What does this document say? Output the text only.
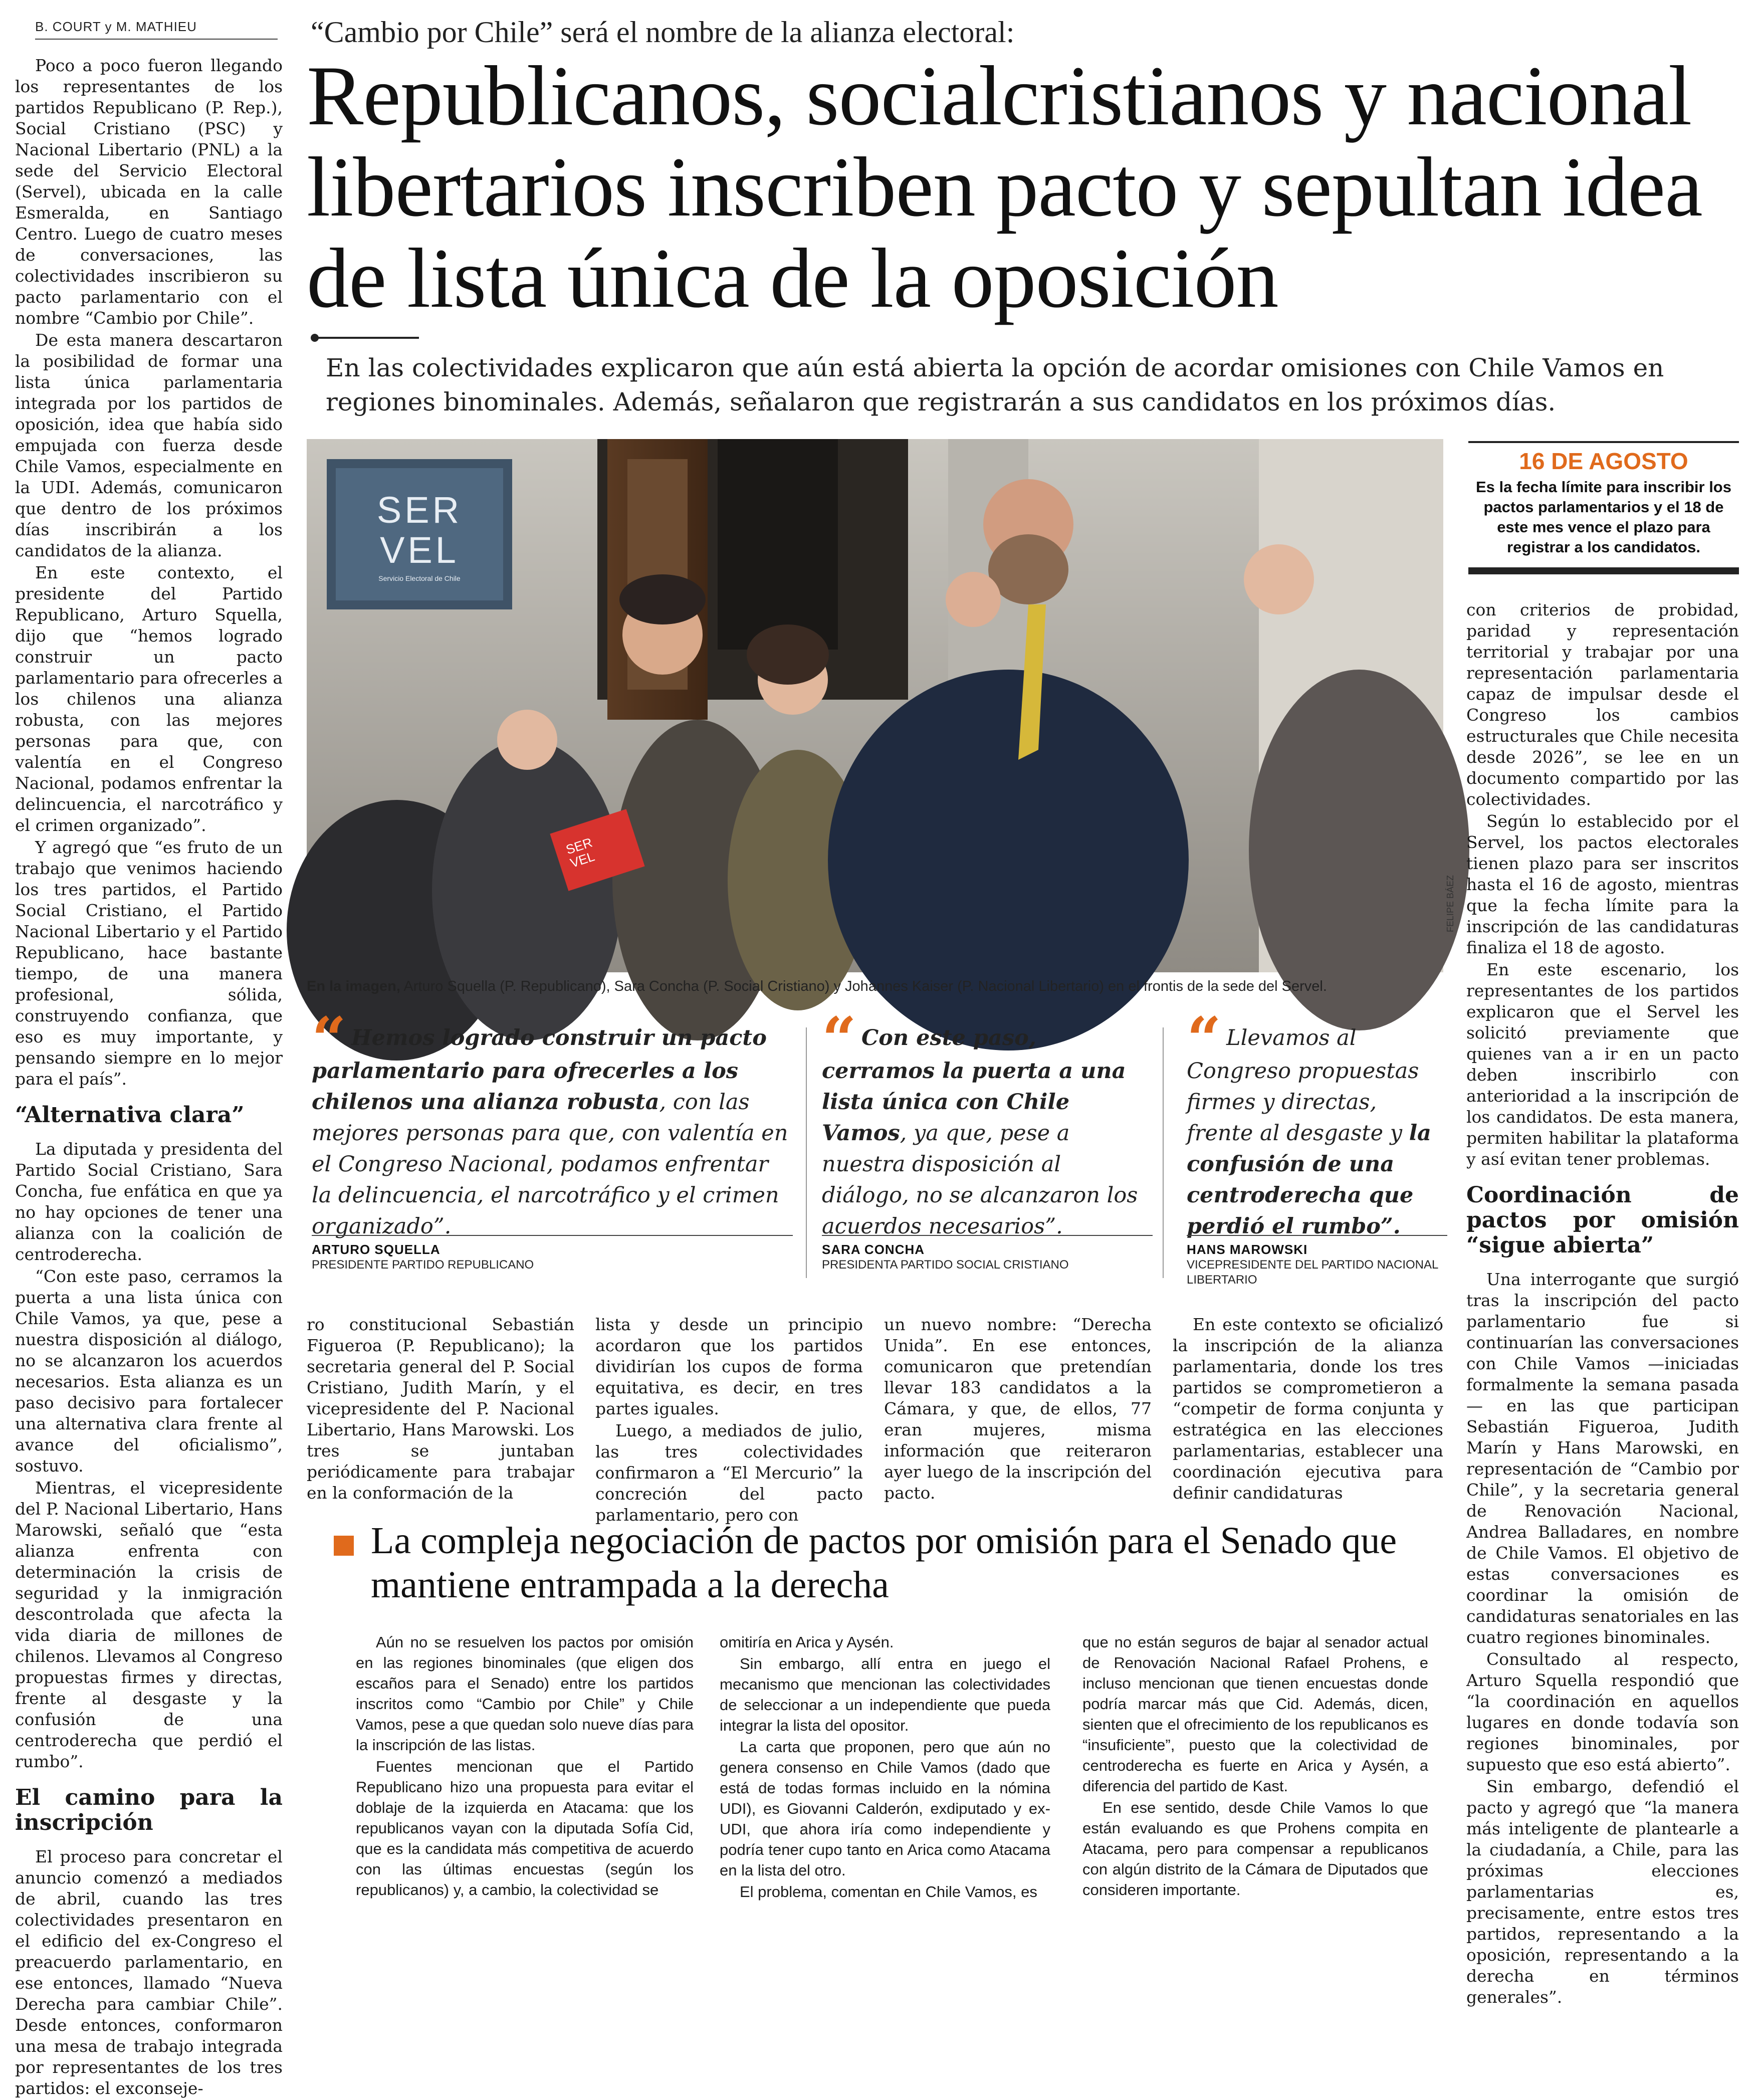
B. COURT y M. MATHIEU	“Cambio por Chile” será el nombre de la alianza electoral:
Republicanos, socialcristianos y nacional libertarios inscriben pacto y sepultan idea de lista única de la oposición
En las colectividades explicaron que aún está abierta la opción de acordar omisiones con Chile Vamos en regiones binominales. Además, señalaron que registrarán a sus candidatos en los próximos días.

Poco a poco fueron llegando los representantes de los partidos Republicano (P. Rep.), Social Cristiano (PSC) y Nacional Libertario (PNL) a la sede del Servicio Electoral (Servel), ubicada en la calle Esmeralda, en Santiago Centro. Luego de cuatro meses de conversaciones, las colectividades inscribieron su pacto parlamentario con el nombre “Cambio por Chile”.

De esta manera descartaron la posibilidad de formar una lista única parlamentaria integrada por los partidos de oposición, idea que había sido empujada con fuerza desde Chile Vamos, especialmente en la UDI. Además, comunicaron que dentro de los próximos días inscribirán a los candidatos de la alianza.

En este contexto, el presidente del Partido Republicano, Arturo Squella, dijo que “hemos logrado construir un pacto parlamentario para ofrecerles a los chilenos una alianza robusta, con las mejores personas para que, con valentía en el Congreso Nacional, podamos enfrentar la delincuencia, el narcotráfico y el crimen organizado”.

Y agregó que “es fruto de un trabajo que venimos haciendo los tres partidos, el Partido Social Cristiano, el Partido Nacional Libertario y el Partido Republicano, hace bastante tiempo, de una manera profesional, sólida, construyendo confianza, que eso es muy importante, y pensando siempre en lo mejor para el país”.

“Alternativa clara”

La diputada y presidenta del Partido Social Cristiano, Sara Concha, fue enfática en que ya no hay opciones de tener una alianza con la coalición de centroderecha.

“Con este paso, cerramos la puerta a una lista única con Chile Vamos, ya que, pese a nuestra disposición al diálogo, no se alcanzaron los acuerdos necesarios. Esta alianza es un paso decisivo para fortalecer una alternativa clara frente al avance del oficialismo”, sostuvo.

Mientras, el vicepresidente del P. Nacional Libertario, Hans Marowski, señaló que “esta alianza enfrenta con determinación la crisis de seguridad y la inmigración descontrolada que afecta la vida diaria de millones de chilenos. Llevamos al Congreso propuestas firmes y directas, frente al desgaste y la confusión de una centroderecha que perdió el rumbo”.

El camino para la inscripción

El proceso para concretar el anuncio comenzó a mediados de abril, cuando las tres colectividades presentaron en el edificio del ex-Congreso el preacuerdo parlamentario, en ese entonces, llamado “Nueva Derecha para cambiar Chile”. Desde entonces, conformaron una mesa de trabajo integrada por representantes de los tres partidos: el exconseje-

SER
VEL
Servicio Electoral de Chile
SER VEL
FELIPE BÁEZ
En la imagen, Arturo Squella (P. Republicano), Sara Concha (P. Social Cristiano) y Johannes Kaiser (P. Nacional Libertario) en el frontis de la sede del Servel.
16 DE AGOSTO
Es la fecha límite para inscribir los pactos parlamentarios y el 18 de este mes vence el plazo para registrar a los candidatos.

con criterios de probidad, paridad y representación territorial y trabajar por una representación parlamentaria capaz de impulsar desde el Congreso los cambios estructurales que Chile necesita desde 2026”, se lee en un documento compartido por las colectividades.

Según lo establecido por el Servel, los pactos electorales tienen plazo para ser inscritos hasta el 16 de agosto, mientras que la fecha límite para la inscripción de las candidaturas finaliza el 18 de agosto.

En este escenario, los representantes de los partidos explicaron que el Servel les solicitó previamente que quienes van a ir en un pacto deben inscribirlo con anterioridad a la inscripción de los candidatos. De esta manera, permiten habilitar la plataforma y así evitan tener problemas.

Coordinación de pactos por omisión “sigue abierta”

Una interrogante que surgió tras la inscripción del pacto parlamentario fue si continuarían las conversaciones con Chile Vamos —iniciadas formalmente la semana pasada— en las que participan Sebastián Figueroa, Judith Marín y Hans Marowski, en representación de “Cambio por Chile”, y la secretaria general de Renovación Nacional, Andrea Balladares, en nombre de Chile Vamos. El objetivo de estas conversaciones es coordinar la omisión de candidaturas senatoriales en las cuatro regiones binominales.

Consultado al respecto, Arturo Squella respondió que “la coordinación en aquellos lugares en donde todavía son regiones binominales, por supuesto que eso está abierto”.

Sin embargo, defendió el pacto y agregó que “la manera más inteligente de plantearle a la ciudadanía, a Chile, para las próximas elecciones parlamentarias es, precisamente, entre estos tres partidos, representando a la oposición, representando a la derecha en términos generales”.

“ Hemos logrado construir un pacto parlamentario para ofrecerles a los chilenos una alianza robusta, con las mejores personas para que, con valentía en el Congreso Nacional, podamos enfrentar la delincuencia, el narcotráfico y el crimen organizado”.
ARTURO SQUELLA
PRESIDENTE PARTIDO REPUBLICANO
“ Con este paso, cerramos la puerta a una lista única con Chile Vamos, ya que, pese a nuestra disposición al diálogo, no se alcanzaron los acuerdos necesarios”.
SARA CONCHA
PRESIDENTA PARTIDO SOCIAL CRISTIANO
“ Llevamos al Congreso propuestas firmes y directas, frente al desgaste y la confusión de una centroderecha que perdió el rumbo”.
HANS MAROWSKI
VICEPRESIDENTE DEL PARTIDO NACIONAL LIBERTARIO

ro constitucional Sebastián Figueroa (P. Republicano); la secretaria general del P. Social Cristiano, Judith Marín, y el vicepresidente del P. Nacional Libertario, Hans Marowski. Los tres se juntaban periódicamente para trabajar en la conformación de la

lista y desde un principio acordaron que los partidos dividirían los cupos de forma equitativa, es decir, en tres partes iguales.

Luego, a mediados de julio, las tres colectividades confirmaron a “El Mercurio” la concreción del pacto parlamentario, pero con

un nuevo nombre: “Derecha Unida”. En ese entonces, comunicaron que pretendían llevar 183 candidatos a la Cámara, y que, de ellos, 77 eran mujeres, misma información que reiteraron ayer luego de la inscripción del pacto.

En este contexto se oficializó la inscripción de la alianza parlamentaria, donde los tres partidos se comprometieron a “competir de forma conjunta y estratégica en las elecciones parlamentarias, establecer una coordinación ejecutiva para definir candidaturas

La compleja negociación de pactos por omisión para el Senado que mantiene entrampada a la derecha

Aún no se resuelven los pactos por omisión en las regiones binominales (que eligen dos escaños para el Senado) entre los partidos inscritos como “Cambio por Chile” y Chile Vamos, pese a que quedan solo nueve días para la inscripción de las listas.

Fuentes mencionan que el Partido Republicano hizo una propuesta para evitar el doblaje de la izquierda en Atacama: que los republicanos vayan con la diputada Sofía Cid, que es la candidata más competitiva de acuerdo con las últimas encuestas (según los republicanos) y, a cambio, la colectividad se

omitiría en Arica y Aysén.

Sin embargo, allí entra en juego el mecanismo que mencionan las colectividades de seleccionar a un independiente que pueda integrar la lista del opositor.

La carta que proponen, pero que aún no genera consenso en Chile Vamos (dado que está de todas formas incluido en la nómina UDI), es Giovanni Calderón, exdiputado y ex-UDI, que ahora iría como independiente y podría tener cupo tanto en Arica como Atacama en la lista del otro.

El problema, comentan en Chile Vamos, es

que no están seguros de bajar al senador actual de Renovación Nacional Rafael Prohens, e incluso mencionan que tienen encuestas donde podría marcar más que Cid. Además, dicen, sienten que el ofrecimiento de los republicanos es “insuficiente”, puesto que la colectividad de centroderecha es fuerte en Arica y Aysén, a diferencia del partido de Kast.

En ese sentido, desde Chile Vamos lo que están evaluando es que Prohens compita en Atacama, pero para compensar a republicanos con algún distrito de la Cámara de Diputados que consideren importante.
